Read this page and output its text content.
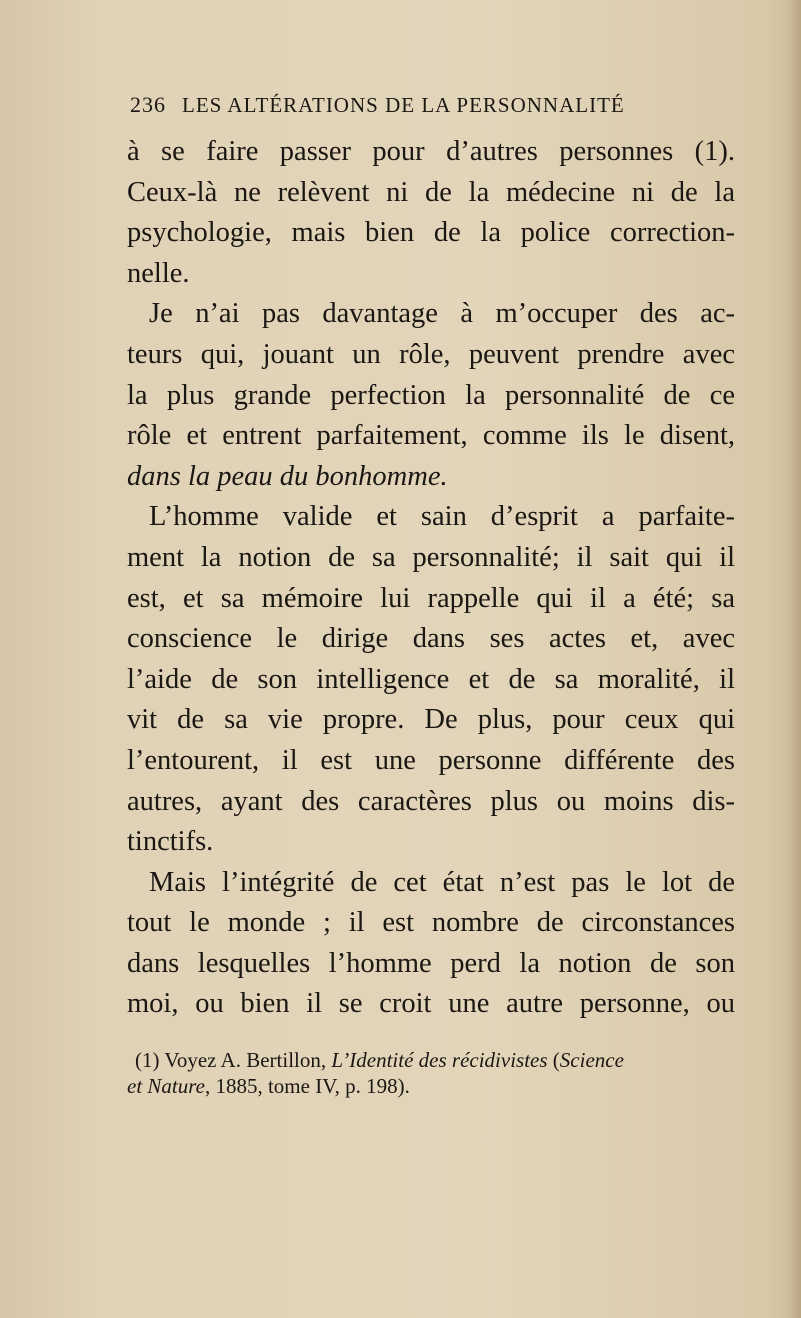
236 LES ALTÉRATIONS DE LA PERSONNALITÉ
à se faire passer pour d’autres personnes (1).
Ceux-là ne relèvent ni de la médecine ni de la
psychologie, mais bien de la police correction-
nelle.
Je n’ai pas davantage à m’occuper des ac-
teurs qui, jouant un rôle, peuvent prendre avec
la plus grande perfection la personnalité de ce
rôle et entrent parfaitement, comme ils le disent,
dans la peau du bonhomme.
L’homme valide et sain d’esprit a parfaite-
ment la notion de sa personnalité; il sait qui il
est, et sa mémoire lui rappelle qui il a été; sa
conscience le dirige dans ses actes et, avec
l’aide de son intelligence et de sa moralité, il
vit de sa vie propre. De plus, pour ceux qui
l’entourent, il est une personne différente des
autres, ayant des caractères plus ou moins dis-
tinctifs.
Mais l’intégrité de cet état n’est pas le lot de
tout le monde ; il est nombre de circonstances
dans lesquelles l’homme perd la notion de son
moi, ou bien il se croit une autre personne, ou
(1) Voyez A. Bertillon, L’Identité des récidivistes (Science
et Nature, 1885, tome IV, p. 198).
